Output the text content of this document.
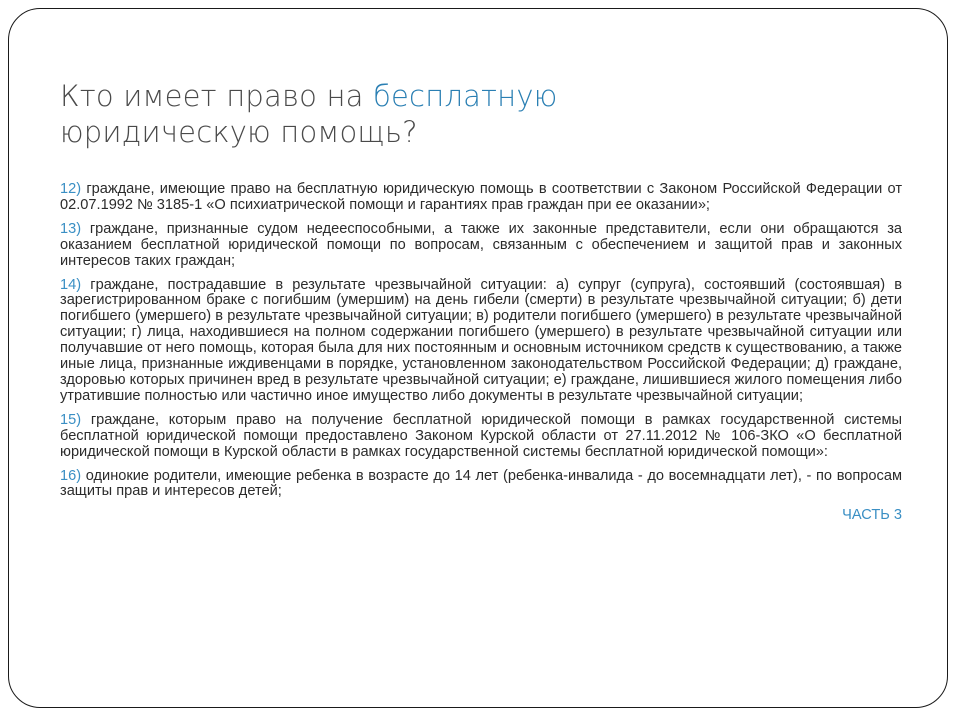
Кто имеет право на бесплатную
юридическую помощь?

12) граждане, имеющие право на бесплатную юридическую помощь в соответствии с Законом Российской Федерации от 02.07.1992 № 3185-1 «О психиатрической помощи и гарантиях прав граждан при ее оказании»;

13) граждане, признанные судом недееспособными, а также их законные представители, если они обращаются за оказанием бесплатной юридической помощи по вопросам, связанным с обеспечением и защитой прав и законных интересов таких граждан;

14) граждане, пострадавшие в результате чрезвычайной ситуации: а) супруг (супруга), состоявший (состоявшая) в зарегистрированном браке с погибшим (умершим) на день гибели (смерти) в результате чрезвычайной ситуации; б) дети погибшего (умершего) в результате чрезвычайной ситуации; в) родители погибшего (умершего) в результате чрезвычайной ситуации; г) лица, находившиеся на полном содержании погибшего (умершего) в результате чрезвычайной ситуации или получавшие от него помощь, которая была для них постоянным и основным источником средств к существованию, а также иные лица, признанные иждивенцами в порядке, установленном законодательством Российской Федерации; д) граждане, здоровью которых причинен вред в результате чрезвычайной ситуации; е) граждане, лишившиеся жилого помещения либо утратившие полностью или частично иное имущество либо документы в результате чрезвычайной ситуации;

15) граждане, которым право на получение бесплатной юридической помощи в рамках государственной системы бесплатной юридической помощи предоставлено Законом Курской области от 27.11.2012 № 106-ЗКО «О бесплатной юридической помощи в Курской области в рамках государственной системы бесплатной юридической помощи»:

16) одинокие родители, имеющие ребенка в возрасте до 14 лет (ребенка-инвалида - до восемнадцати лет), - по вопросам защиты прав и интересов детей;

ЧАСТЬ 3
